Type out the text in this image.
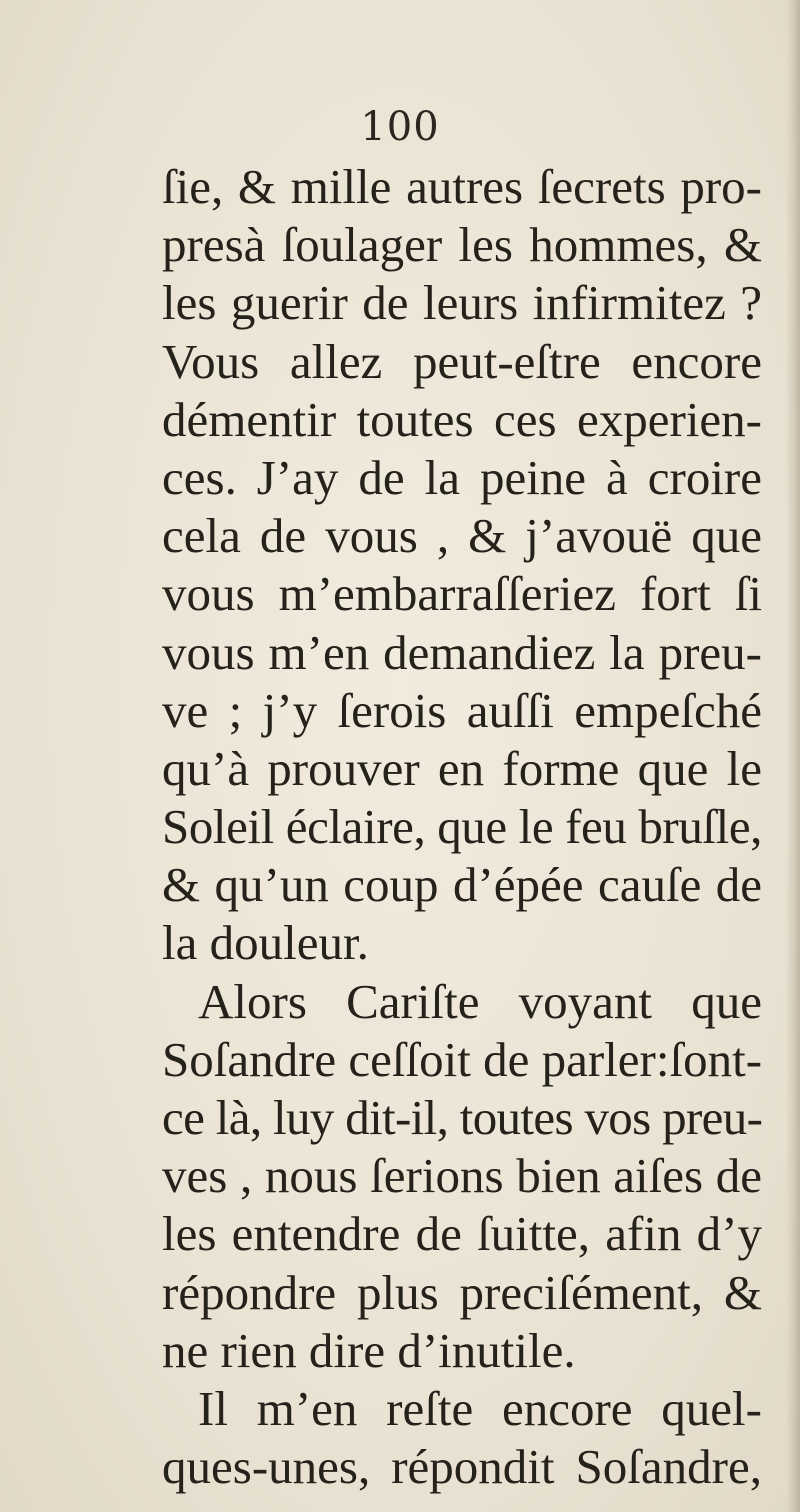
100
ſie, & mille autres ſecrets pro-
presà ſoulager les hommes, &
les guerir de leurs infirmitez ?
Vous allez peut-eſtre encore
démentir toutes ces experien-
ces. J’ay de la peine à croire
cela de vous , & j’avouë que
vous m’embarraſſeriez fort ſi
vous m’en demandiez la preu-
ve ; j’y ſerois auſſi empeſché
qu’à prouver en forme que le
Soleil éclaire, que le feu bruſle,
& qu’un coup d’épée cauſe de
la douleur.
Alors Cariſte voyant que
Soſandre ceſſoit de parler:ſont-
ce là, luy dit-il, toutes vos preu-
ves , nous ſerions bien aiſes de
les entendre de ſuitte, afin d’y
répondre plus preciſément, &
ne rien dire d’inutile.
Il m’en reſte encore quel-
ques-unes, répondit Soſandre,
